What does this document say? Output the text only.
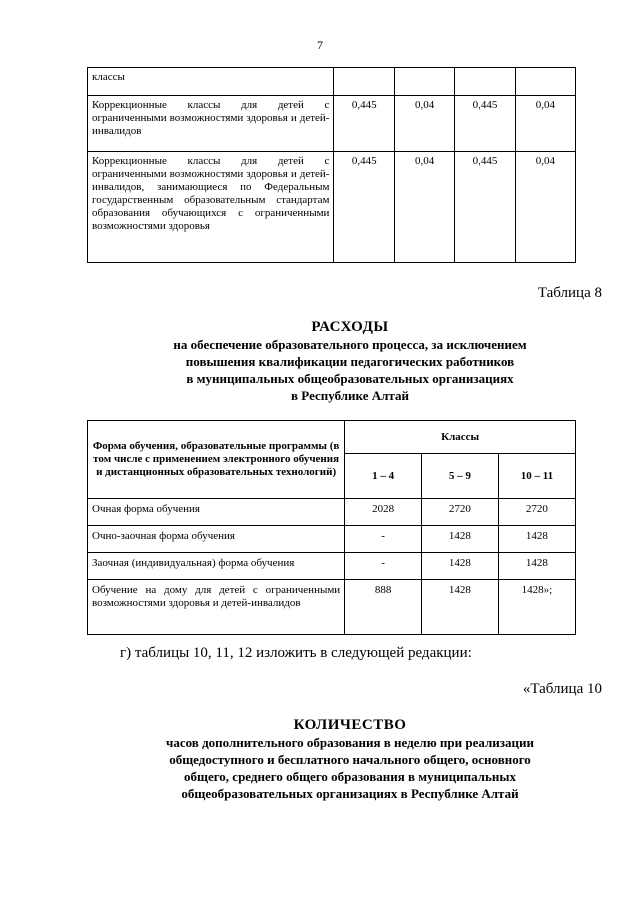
7
классы				
Коррекционные классы для детей с ограниченными возможностями здоровья и детей-инвалидов	0,445	0,04	0,445	0,04
Коррекционные классы для детей с ограниченными возможностями здоровья и детей-инвалидов, занимающиеся по Федеральным государственным образовательным стандартам образования обучающихся с ограниченными возможностями здоровья	0,445	0,04	0,445	0,04
Таблица 8
РАСХОДЫ
на обеспечение образовательного процесса, за исключением
повышения квалификации педагогических работников
в муниципальных общеобразовательных организациях
в Республике Алтай
Форма обучения, образовательные программы (в том числе с применением электронного обучения и дистанционных образовательных технологий)	Классы		
	1 – 4	5 – 9	10 – 11
Очная форма обучения	2028	2720	2720
Очно-заочная форма обучения	-	1428	1428
Заочная (индивидуальная) форма обучения	-	1428	1428
Обучение на дому для детей с ограниченными возможностями здоровья и детей-инвалидов	888	1428	1428»;
г) таблицы 10, 11, 12 изложить в следующей редакции:
«Таблица 10
КОЛИЧЕСТВО
часов дополнительного образования в неделю при реализации
общедоступного и бесплатного начального общего, основного
общего, среднего общего образования в муниципальных
общеобразовательных организациях в Республике Алтай
